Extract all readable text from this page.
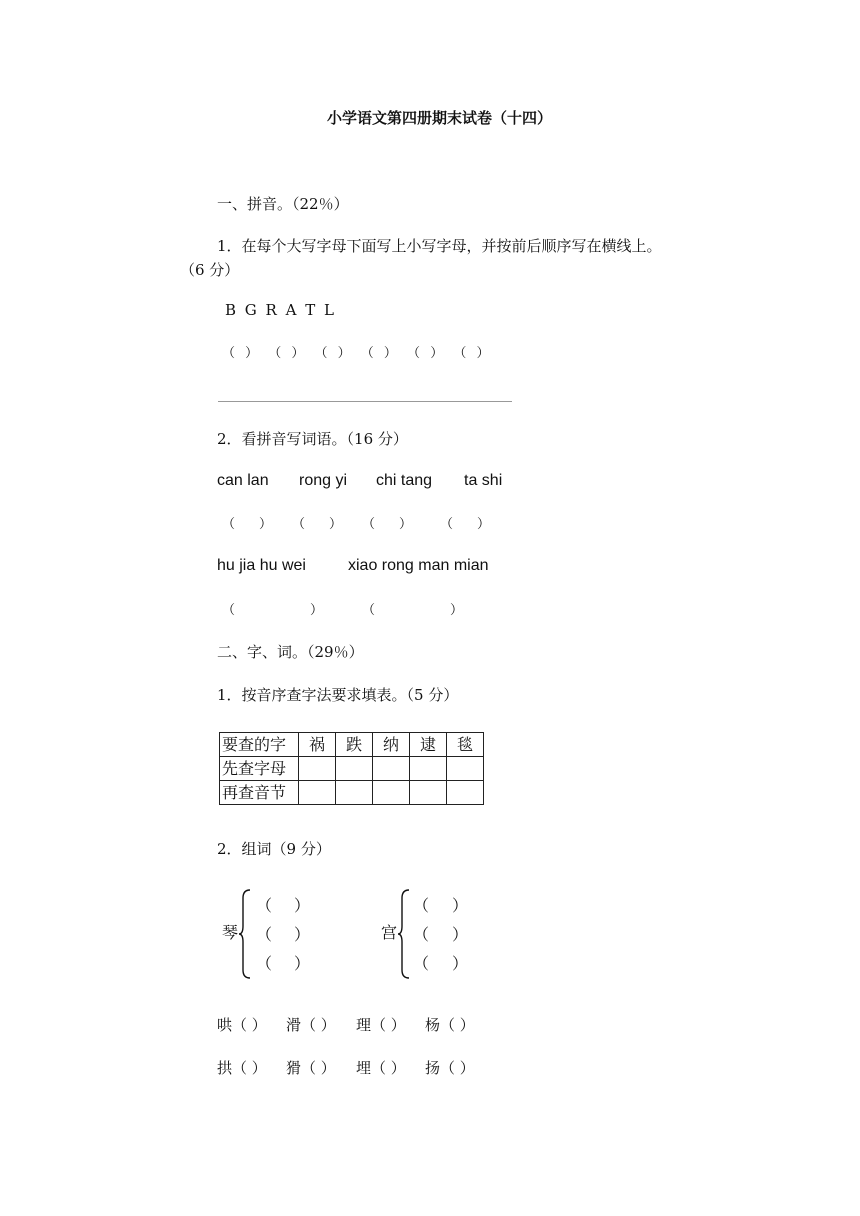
小学语文第四册期末试卷（十四）
一、拼音。（22％）
1．在每个大写字母下面写上小写字母，并按前后顺序写在横线上。
（6 分）
B G R A T L
（ ） （ ） （ ） （ ） （ ） （ ）
2．看拼音写词语。（16 分）
can lan rong yi chi tang ta shi
（ ） （ ） （ ） （ ）
hu jia hu wei	xiao rong man mian
（	）	（	）
二、字、词。（29％）
1．按音序查字法要求填表。（5 分）
要查的字	祸	跌	纳	逮	毯
先查字母					
再查音节					
2．组词（9 分）
琴
（ ）
（ ）
（ ）
宫
（ ）
（ ）
（ ）
哄（ ） 滑（ ） 理（ ） 杨（ ）
拱（ ） 猾（ ） 埋（ ） 扬（ ）
